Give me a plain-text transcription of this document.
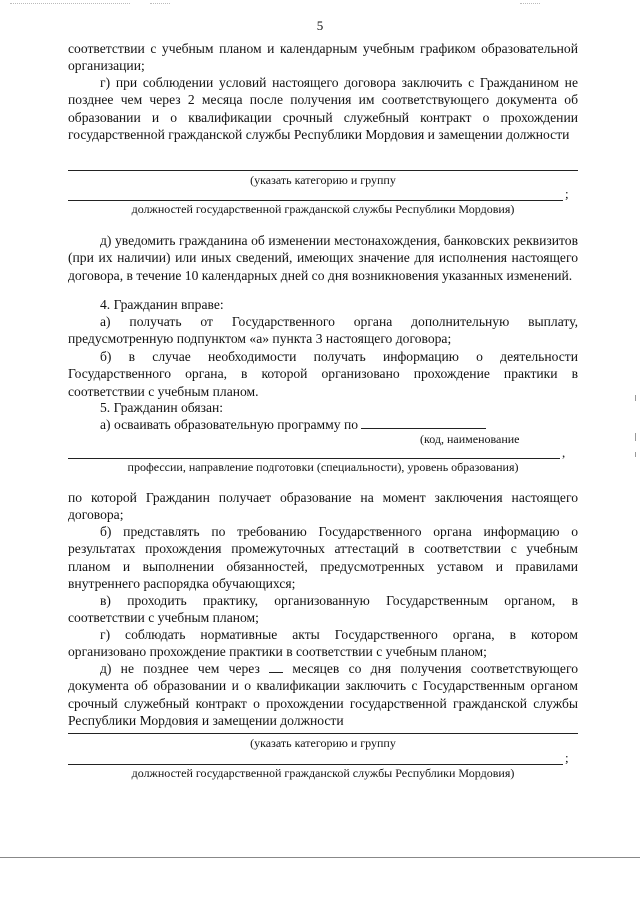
5
соответствии с учебным планом и календарным учебным графиком образовательной организации;
г) при соблюдении условий настоящего договора заключить с Гражданином не позднее чем через 2 месяца после получения им соответствующего документа об образовании и о квалификации срочный служебный контракт о прохождении государственной гражданской службы Республики Мордовия и замещении должности
(указать категорию и группу
;
должностей государственной гражданской службы Республики Мордовия)
д) уведомить гражданина об изменении местонахождения, банковских реквизитов (при их наличии) или иных сведений, имеющих значение для исполнения настоящего договора, в течение 10 календарных дней со дня возникновения указанных изменений.
4. Гражданин вправе:
а) получать от Государственного органа дополнительную выплату, предусмотренную подпунктом «а» пункта 3 настоящего договора;
б) в случае необходимости получать информацию о деятельности Государственного органа, в которой организовано прохождение практики в соответствии с учебным планом.
5. Гражданин обязан:
а) осваивать образовательную программу по
(код, наименование
,
профессии, направление подготовки (специальности), уровень образования)
по которой Гражданин получает образование на момент заключения настоящего договора;
б) представлять по требованию Государственного органа информацию о результатах прохождения промежуточных аттестаций в соответствии с учебным планом и выполнении обязанностей, предусмотренных уставом и правилами внутреннего распорядка обучающихся;
в) проходить практику, организованную Государственным органом, в соответствии с учебным планом;
г) соблюдать нормативные акты Государственного органа, в котором организовано прохождение практики в соответствии с учебным планом;
д) не позднее чем через месяцев со дня получения соответствующего документа об образовании и о квалификации заключить с Государственным органом срочный служебный контракт о прохождении государственной гражданской службы Республики Мордовия и замещении должности
(указать категорию и группу
;
должностей государственной гражданской службы Республики Мордовия)
